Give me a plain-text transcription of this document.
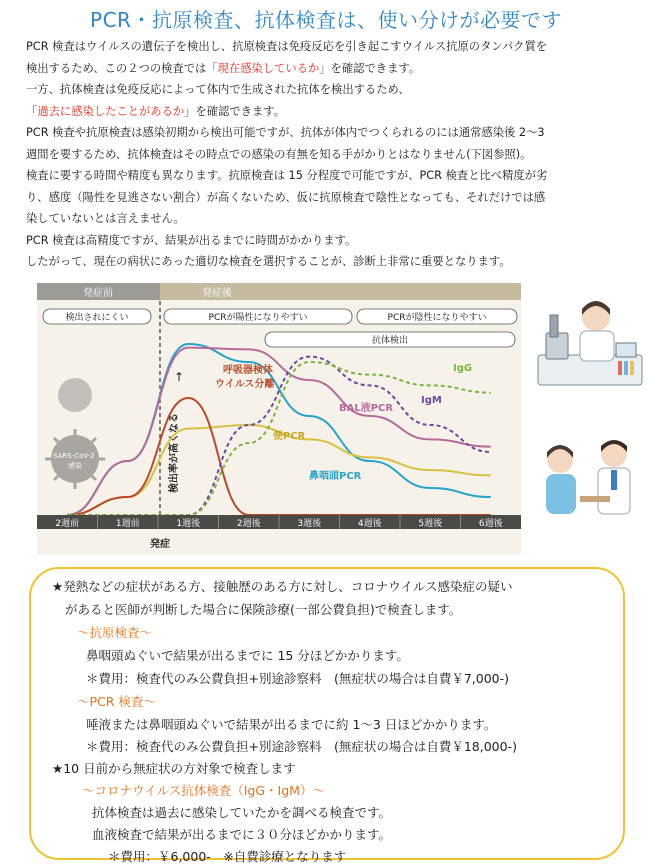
PCR・抗原検査、抗体検査は、使い分けが必要です
PCR 検査はウイルスの遺伝子を検出し、抗原検査は免疫反応を引き起こすウイルス抗原のタンパク質を
検出するため、この２つの検査では「現在感染しているか」を確認できます。
一方、抗体検査は免疫反応によって体内で生成された抗体を検出するため、
「過去に感染したことがあるか」を確認できます。
PCR 検査や抗原検査は感染初期から検出可能ですが、抗体が体内でつくられるのには通常感染後 2～3
週間を要するため、抗体検査はその時点での感染の有無を知る手がかりとはなりません(下図参照)。
検査に要する時間や精度も異なります。抗原検査は 15 分程度で可能ですが、PCR 検査と比べ精度が劣
り、感度（陽性を見逃さない割合）が高くないため、仮に抗原検査で陰性となっても、それだけでは感
染していないとは言えません。
PCR 検査は高精度ですが、結果が出るまでに時間がかかります。
したがって、現在の病状にあった適切な検査を選択することが、診断上非常に重要となります。
発症前	発症後
検出されにくい	PCRが陽性になりやすい	PCRが陰性になりやすい
抗体検出
SARS-CoV-2 感染	検出率が高くなる
↑	呼吸器検体
ウイルス分離
IgG
IgM
BAL液PCR
便PCR
鼻咽頭PCR
2週前	1週前	1週後	2週後	3週後	4週後	5週後	6週後
発症
★発熱などの症状がある方、接触歴のある方に対し、コロナウイルス感染症の疑い
があると医師が判断した場合に保険診療(一部公費負担)で検査します。
～抗原検査～
鼻咽頭ぬぐいで結果が出るまでに 15 分ほどかかります。
＊費用：検査代のみ公費負担+別途診察料　(無症状の場合は自費￥7,000-)
～PCR 検査～
唾液または鼻咽頭ぬぐいで結果が出るまでに約 1～3 日ほどかかります。
＊費用：検査代のみ公費負担+別途診察料　(無症状の場合は自費￥18,000-)
★10 日前から無症状の方対象で検査します
～コロナウイルス抗体検査（IgG・IgM）～
抗体検査は過去に感染していたかを調べる検査です。
血液検査で結果が出るまでに３０分ほどかかります。
＊費用：￥6,000-　※自費診療となります
